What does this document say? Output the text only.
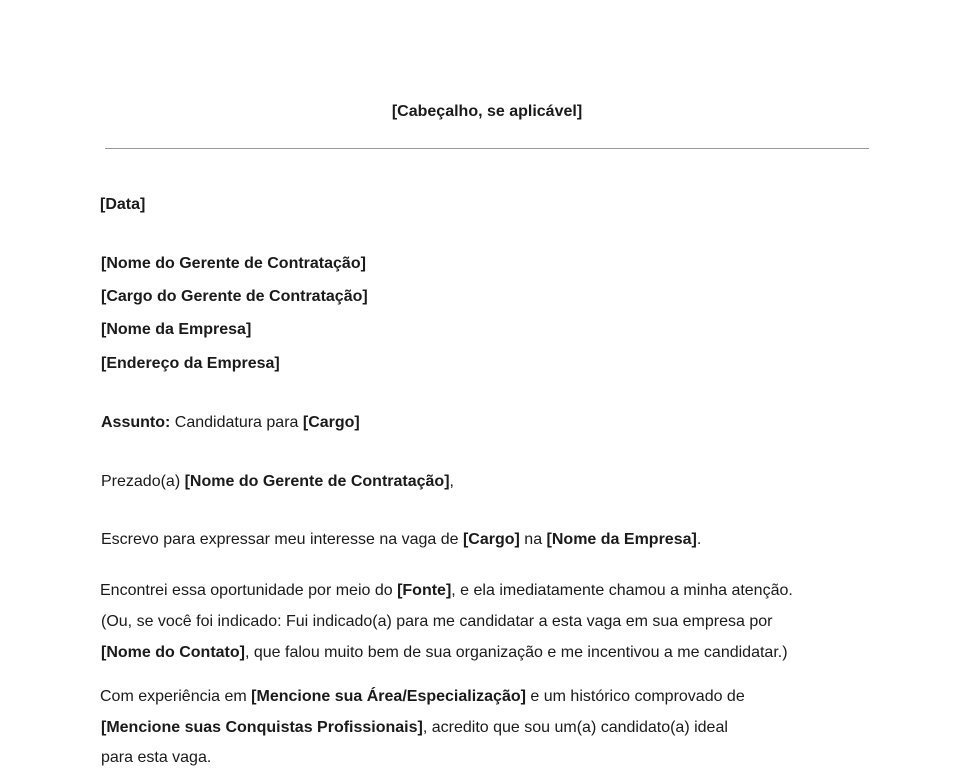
[Cabeçalho, se aplicável]
[Data]
[Nome do Gerente de Contratação]
[Cargo do Gerente de Contratação]
[Nome da Empresa]
[Endereço da Empresa]
Assunto: Candidatura para [Cargo]
Prezado(a) [Nome do Gerente de Contratação],
Escrevo para expressar meu interesse na vaga de [Cargo] na [Nome da Empresa].
Encontrei essa oportunidade por meio do [Fonte], e ela imediatamente chamou a minha atenção.
(Ou, se você foi indicado: Fui indicado(a) para me candidatar a esta vaga em sua empresa por
[Nome do Contato], que falou muito bem de sua organização e me incentivou a me candidatar.)
Com experiência em [Mencione sua Área/Especialização] e um histórico comprovado de
[Mencione suas Conquistas Profissionais], acredito que sou um(a) candidato(a) ideal
para esta vaga.
